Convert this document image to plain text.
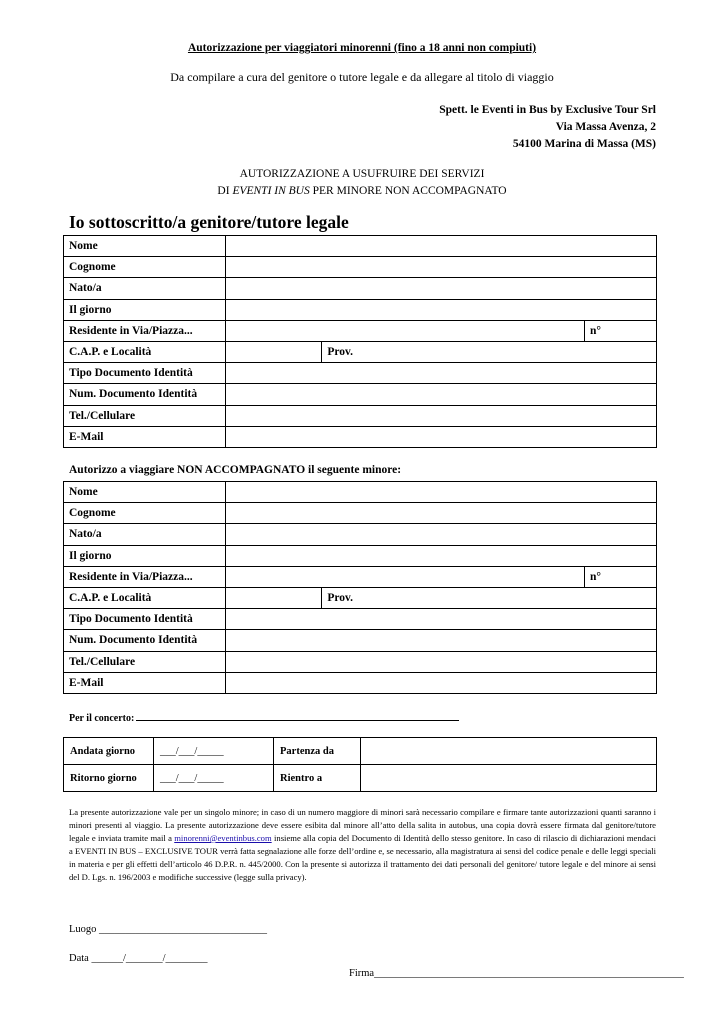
Autorizzazione per viaggiatori minorenni (fino a 18 anni non compiuti)
Da compilare a cura del genitore o tutore legale e da allegare al titolo di viaggio
Spett. le Eventi in Bus by Exclusive Tour Srl
Via Massa Avenza, 2
54100 Marina di Massa (MS)
AUTORIZZAZIONE A USUFRUIRE DEI SERVIZI
DI EVENTI IN BUS PER MINORE NON ACCOMPAGNATO
Io sottoscritto/a genitore/tutore legale
Nome			
Cognome			
Nato/a			
Il giorno			
Residente in Via/Piazza...			n°
C.A.P. e Località		Prov.	
Tipo Documento Identità			
Num. Documento Identità			
Tel./Cellulare			
E-Mail			
Autorizzo a viaggiare NON ACCOMPAGNATO il seguente minore:
Nome			
Cognome			
Nato/a			
Il giorno			
Residente in Via/Piazza...			n°
C.A.P. e Località		Prov.	
Tipo Documento Identità			
Num. Documento Identità			
Tel./Cellulare			
E-Mail			
Per il concerto:
Andata giorno	___/___/_____	Partenza da	
Ritorno giorno	___/___/_____	Rientro a	
La presente autorizzazione vale per un singolo minore; in caso di un numero maggiore di minori sarà necessario compilare e firmare tante autorizzazioni quanti saranno i minori presenti al viaggio. La presente autorizzazione deve essere esibita dal minore all’atto della salita in autobus, una copia dovrà essere firmata dal genitore/tutore legale e inviata tramite mail a minorenni@eventinbus.com insieme alla copia del Documento di Identità dello stesso genitore. In caso di rilascio di dichiarazioni mendaci a EVENTI IN BUS – EXCLUSIVE TOUR verrà fatta segnalazione alle forze dell’ordine e, se necessario, alla magistratura ai sensi del codice penale e delle leggi speciali in materia e per gli effetti dell’articolo 46 D.P.R. n. 445/2000. Con la presente si autorizza il trattamento dei dati personali del genitore/ tutore legale e del minore ai sensi del D. Lgs. n. 196/2003 e modifiche successive (legge sulla privacy).
Luogo ________________________________
Data ______/_______/________
Firma___________________________________________________________
